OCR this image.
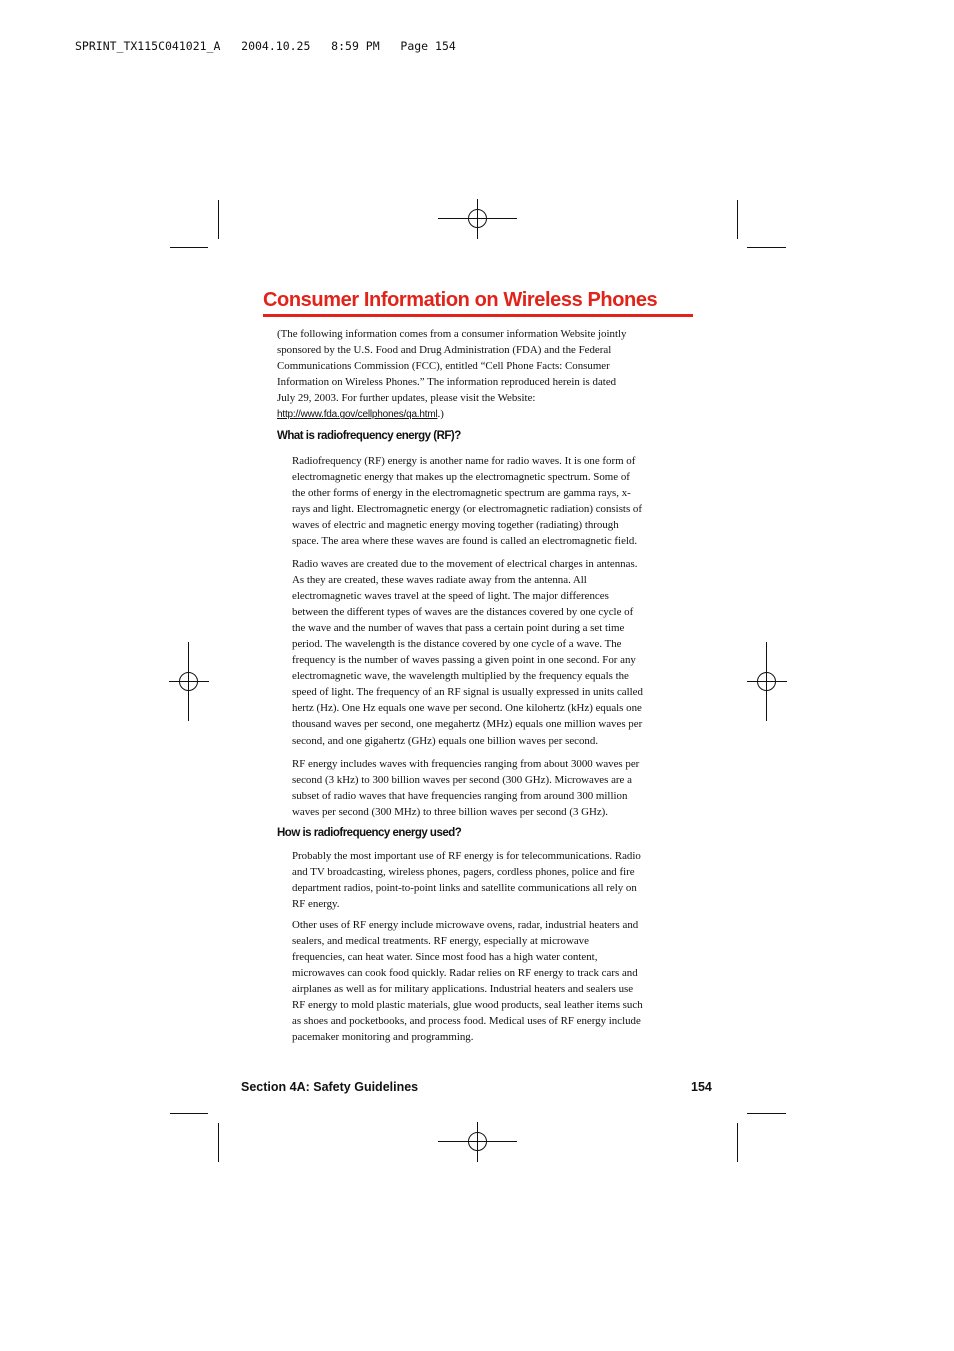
SPRINT_TX115C041021_A   2004.10.25   8:59 PM   Page 154
Consumer Information on Wireless Phones
(The following information comes from a consumer information Website jointly
sponsored by the U.S. Food and Drug Administration (FDA) and the Federal
Communications Commission (FCC), entitled “Cell Phone Facts: Consumer
Information on Wireless Phones.” The information reproduced herein is dated
July 29, 2003. For further updates, please visit the Website:
http://www.fda.gov/cellphones/qa.html.)
What is radiofrequency energy (RF)?
Radiofrequency (RF) energy is another name for radio waves. It is one form of
electromagnetic energy that makes up the electromagnetic spectrum. Some of
the other forms of energy in the electromagnetic spectrum are gamma rays, x-
rays and light. Electromagnetic energy (or electromagnetic radiation) consists of
waves of electric and magnetic energy moving together (radiating) through
space. The area where these waves are found is called an electromagnetic field.
Radio waves are created due to the movement of electrical charges in antennas.
As they are created, these waves radiate away from the antenna. All
electromagnetic waves travel at the speed of light. The major differences
between the different types of waves are the distances covered by one cycle of
the wave and the number of waves that pass a certain point during a set time
period. The wavelength is the distance covered by one cycle of a wave. The
frequency is the number of waves passing a given point in one second. For any
electromagnetic wave, the wavelength multiplied by the frequency equals the
speed of light. The frequency of an RF signal is usually expressed in units called
hertz (Hz). One Hz equals one wave per second. One kilohertz (kHz) equals one
thousand waves per second, one megahertz (MHz) equals one million waves per
second, and one gigahertz (GHz) equals one billion waves per second.
RF energy includes waves with frequencies ranging from about 3000 waves per
second (3 kHz) to 300 billion waves per second (300 GHz). Microwaves are a
subset of radio waves that have frequencies ranging from around 300 million
waves per second (300 MHz) to three billion waves per second (3 GHz).
How is radiofrequency energy used?
Probably the most important use of RF energy is for telecommunications. Radio
and TV broadcasting, wireless phones, pagers, cordless phones, police and fire
department radios, point-to-point links and satellite communications all rely on
RF energy.
Other uses of RF energy include microwave ovens, radar, industrial heaters and
sealers, and medical treatments. RF energy, especially at microwave
frequencies, can heat water. Since most food has a high water content,
microwaves can cook food quickly. Radar relies on RF energy to track cars and
airplanes as well as for military applications. Industrial heaters and sealers use
RF energy to mold plastic materials, glue wood products, seal leather items such
as shoes and pocketbooks, and process food. Medical uses of RF energy include
pacemaker monitoring and programming.
Section 4A: Safety Guidelines	154
